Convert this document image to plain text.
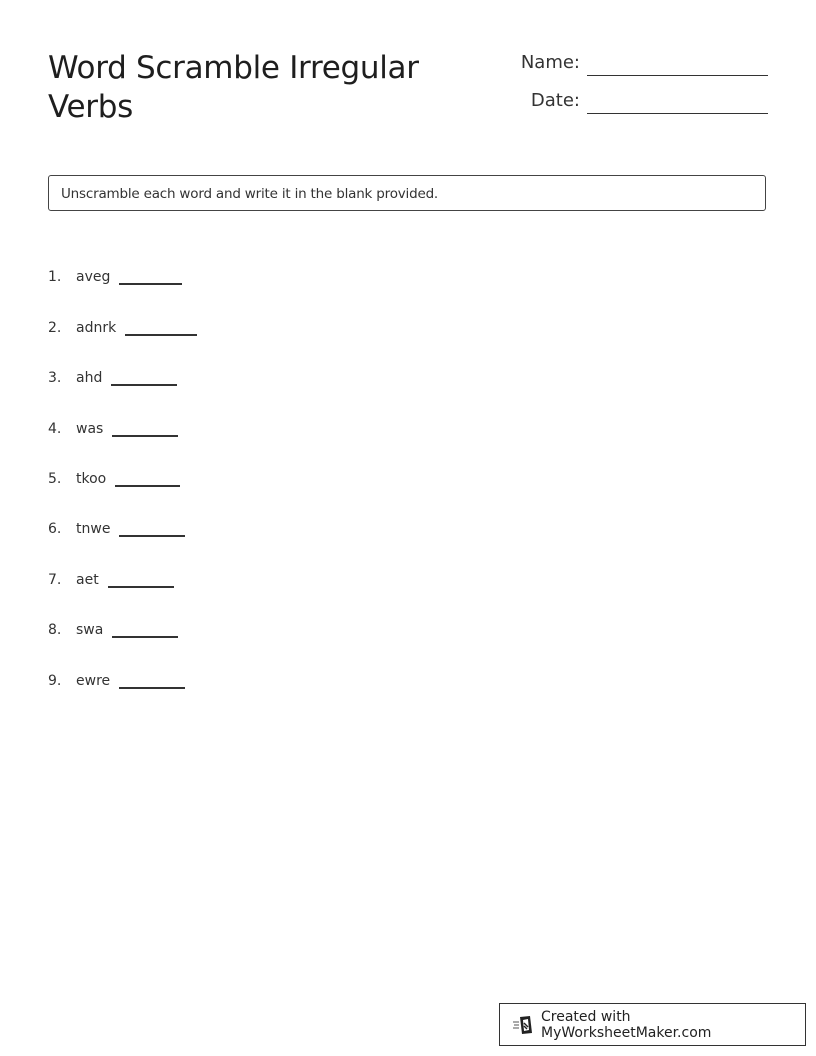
Word Scramble Irregular Verbs
Name:
Date:
Unscramble each word and write it in the blank provided.
1.	aveg
2.	adnrk
3.	ahd
4.	was
5.	tkoo
6.	tnwe
7.	aet
8.	swa
9.	ewre
Created with MyWorksheetMaker.com
